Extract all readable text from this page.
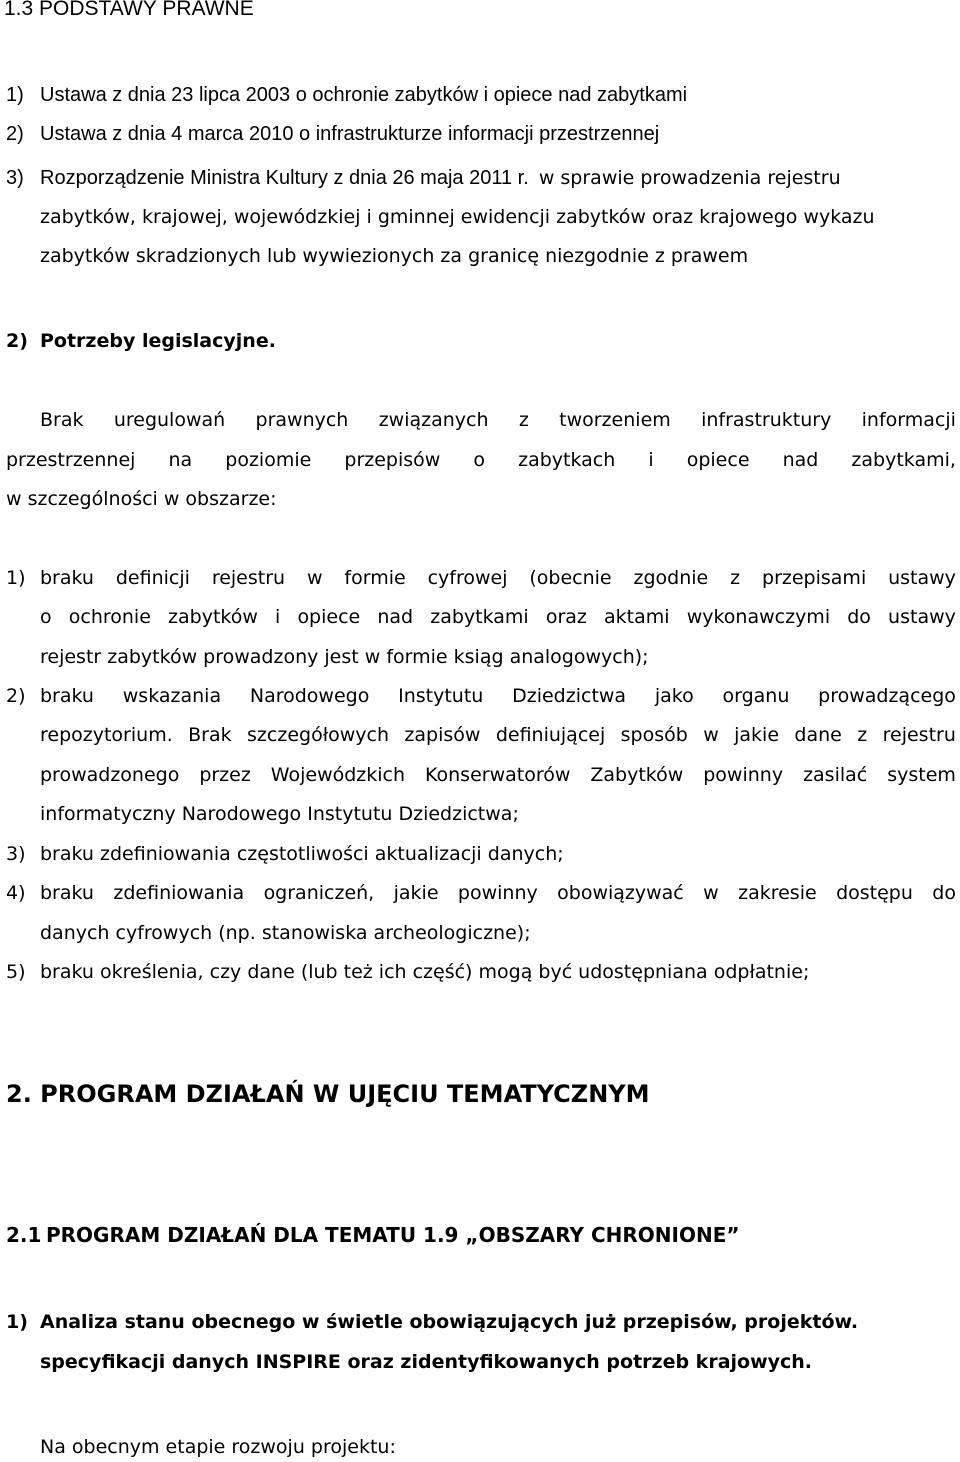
1.3 PODSTAWY PRAWNE
1) Ustawa z dnia 23 lipca 2003 o ochronie zabytków i opiece nad zabytkami
2) Ustawa z dnia 4 marca 2010 o infrastrukturze informacji przestrzennej
3) Rozporządzenie Ministra Kultury z dnia 26 maja 2011 r. w sprawie prowadzenia rejestru
zabytków, krajowej, wojewódzkiej i gminnej ewidencji zabytków oraz krajowego wykazu
zabytków skradzionych lub wywiezionych za granicę niezgodnie z prawem
2) Potrzeby legislacyjne.
Brak uregulowań prawnych związanych z tworzeniem infrastruktury informacji
przestrzennej na poziomie przepisów o zabytkach i opiece nad zabytkami,
w szczególności w obszarze:
1) braku definicji rejestru w formie cyfrowej (obecnie zgodnie z przepisami ustawy
o ochronie zabytków i opiece nad zabytkami oraz aktami wykonawczymi do ustawy
rejestr zabytków prowadzony jest w formie ksiąg analogowych);
2) braku wskazania Narodowego Instytutu Dziedzictwa jako organu prowadzącego
repozytorium. Brak szczegółowych zapisów definiującej sposób w jakie dane z rejestru
prowadzonego przez Wojewódzkich Konserwatorów Zabytków powinny zasilać system
informatyczny Narodowego Instytutu Dziedzictwa;
3) braku zdefiniowania częstotliwości aktualizacji danych;
4) braku zdefiniowania ograniczeń, jakie powinny obowiązywać w zakresie dostępu do
danych cyfrowych (np. stanowiska archeologiczne);
5) braku określenia, czy dane (lub też ich część) mogą być udostępniana odpłatnie;
2. PROGRAM DZIAŁAŃ W UJĘCIU TEMATYCZNYM
2.1 PROGRAM DZIAŁAŃ DLA TEMATU 1.9 „OBSZARY CHRONIONE”
1) Analiza stanu obecnego w świetle obowiązujących już przepisów, projektów.
specyfikacji danych INSPIRE oraz zidentyfikowanych potrzeb krajowych.
Na obecnym etapie rozwoju projektu:
